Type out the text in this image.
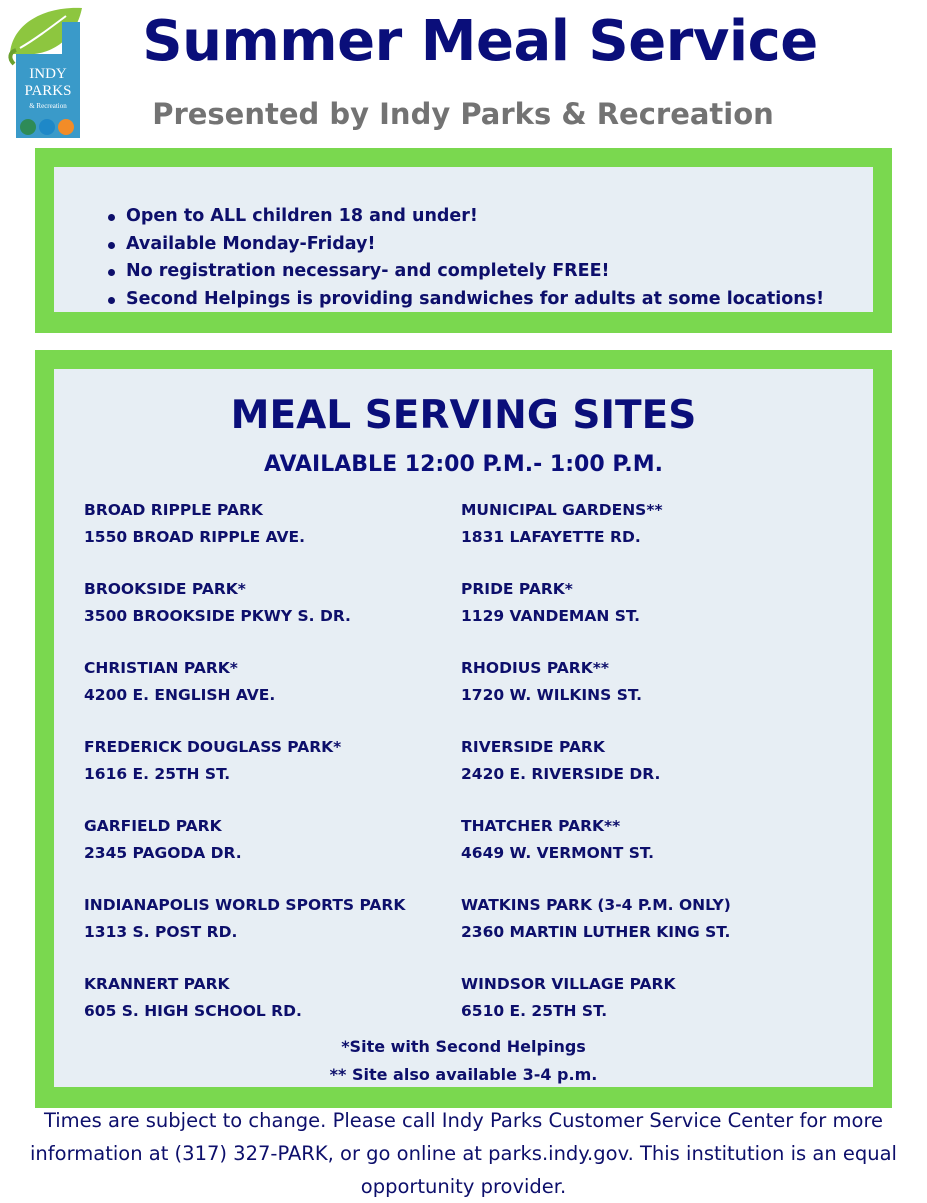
INDY
PARKS
& Recreation
Summer Meal Service
Presented by Indy Parks & Recreation
Open to ALL children 18 and under!
Available Monday-Friday!
No registration necessary- and completely FREE!
Second Helpings is providing sandwiches for adults at some locations!
MEAL SERVING SITES
AVAILABLE 12:00 P.M.- 1:00 P.M.
BROAD RIPPLE PARK
1550 BROAD RIPPLE AVE.
BROOKSIDE PARK*
3500 BROOKSIDE PKWY S. DR.
CHRISTIAN PARK*
4200 E. ENGLISH AVE.
FREDERICK DOUGLASS PARK*
1616 E. 25TH ST.
GARFIELD PARK
2345 PAGODA DR.
INDIANAPOLIS WORLD SPORTS PARK
1313 S. POST RD.
KRANNERT PARK
605 S. HIGH SCHOOL RD.
MUNICIPAL GARDENS**
1831 LAFAYETTE RD.
PRIDE PARK*
1129 VANDEMAN ST.
RHODIUS PARK**
1720 W. WILKINS ST.
RIVERSIDE PARK
2420 E. RIVERSIDE DR.
THATCHER PARK**
4649 W. VERMONT ST.
WATKINS PARK (3-4 P.M. ONLY)
2360 MARTIN LUTHER KING ST.
WINDSOR VILLAGE PARK
6510 E. 25TH ST.
*Site with Second Helpings
** Site also available 3-4 p.m.
Times are subject to change. Please call Indy Parks Customer Service Center for more information at (317) 327-PARK, or go online at parks.indy.gov. This institution is an equal opportunity provider.
